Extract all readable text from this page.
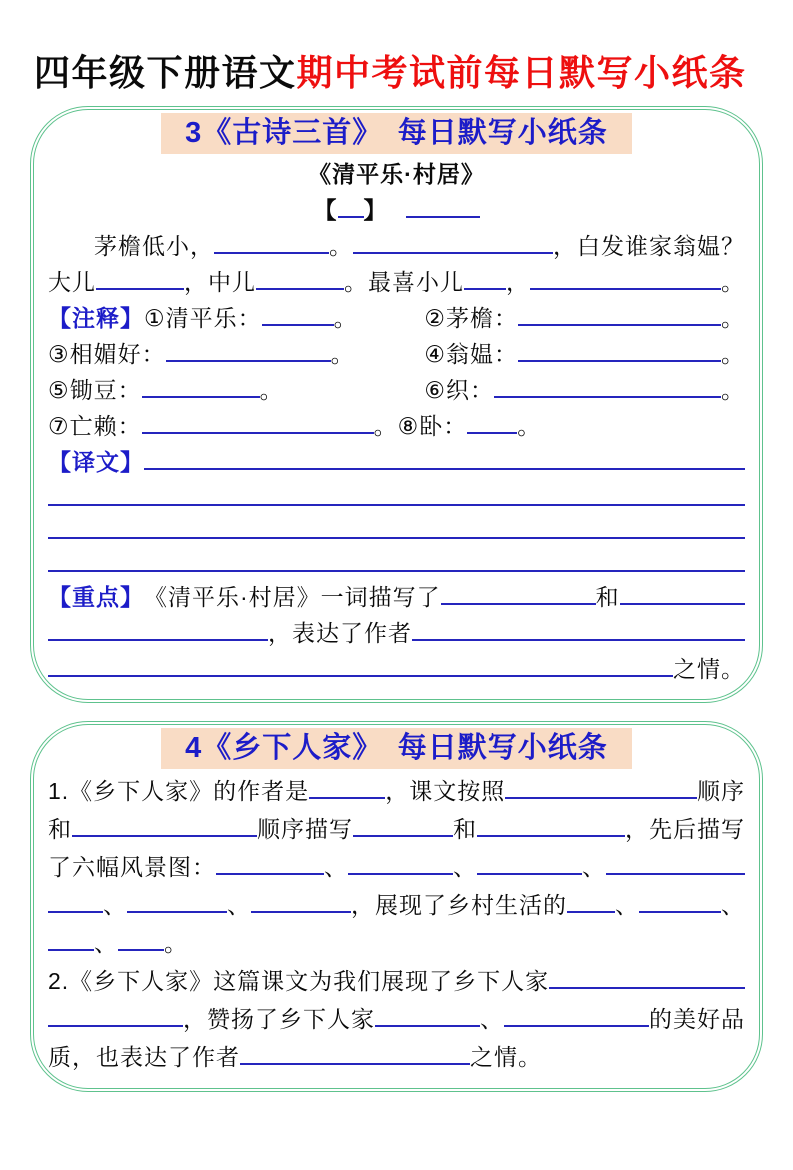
四年级下册语文期中考试前每日默写小纸条
3《古诗三首》　每日默写小纸条
《清平乐·村居》
【 】
茅檐低小，	。	，白发谁家翁媪？
大儿	，中儿	。最喜小儿 ，	。
【注释】 ①清平乐：	。	②茅檐：	。
③相媚好：	。	④翁媪：	。
⑤锄豆：	。	⑥织：	。
⑦亡赖：	。⑧卧： 。
【译文】
【重点】 《清平乐·村居》一词描写了	和
，表达了作者
之情。
4《乡下人家》　每日默写小纸条
1.《乡下人家》的作者是	，课文按照	顺序
和	顺序描写	和	，先后描写
了六幅风景图：	、	、	、
、	、	，展现了乡村生活的 、	、
、 。
2.《乡下人家》这篇课文为我们展现了乡下人家
，赞扬了乡下人家	、	的美好品
质，也表达了作者	之情。
